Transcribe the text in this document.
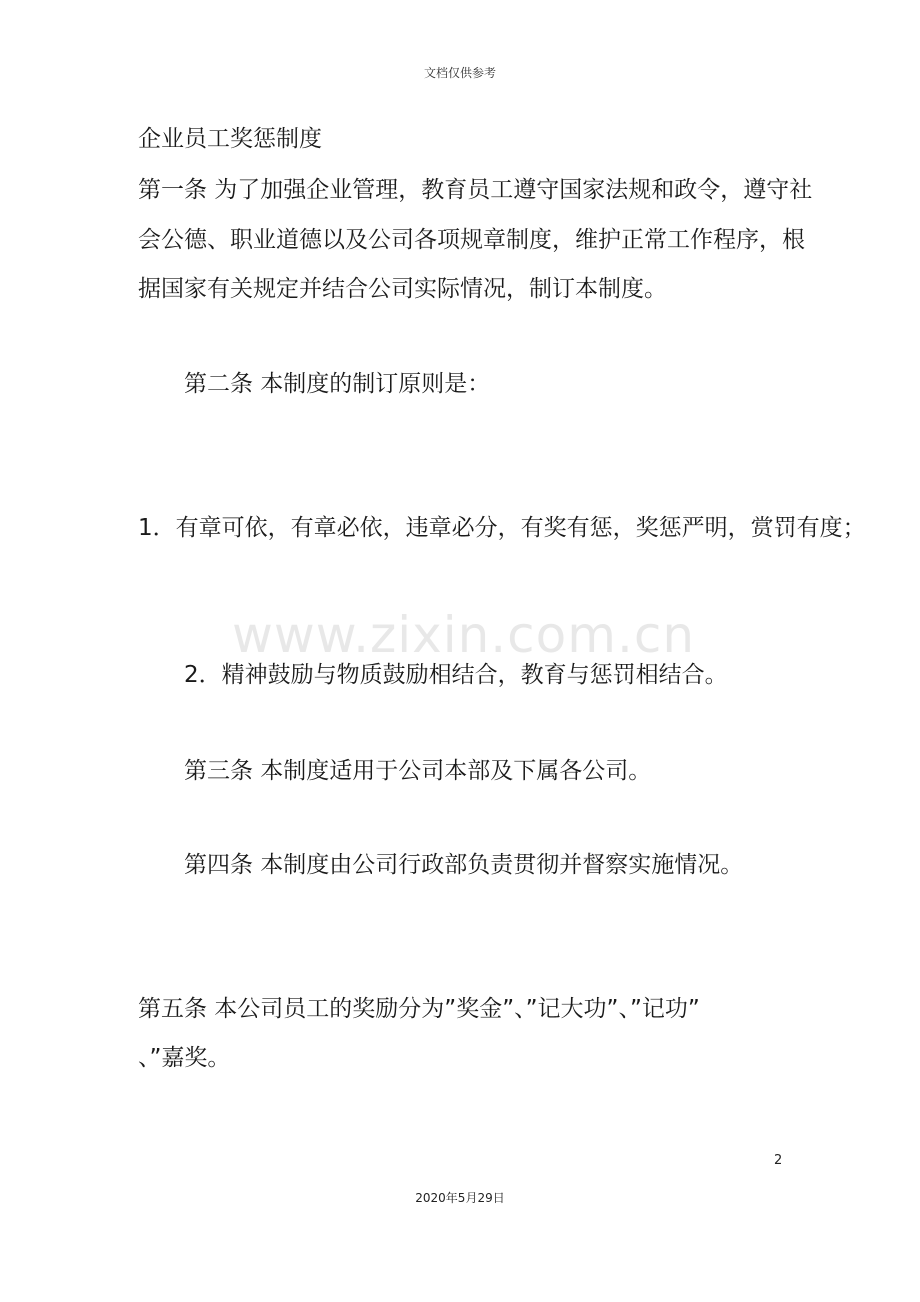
文档仅供参考
企业员工奖惩制度
第一条 为了加强企业管理，教育员工遵守国家法规和政令，遵守社
会公德、职业道德以及公司各项规章制度，维护正常工作程序，根
据国家有关规定并结合公司实际情况，制订本制度。
第二条 本制度的制订原则是：
1．有章可依，有章必依，违章必分，有奖有惩，奖惩严明，赏罚有度；
www.zixin.com.cn
2．精神鼓励与物质鼓励相结合，教育与惩罚相结合。
第三条 本制度适用于公司本部及下属各公司。
第四条 本制度由公司行政部负责贯彻并督察实施情况。
第五条 本公司员工的奖励分为”奖金”、”记大功”、”记功”
、”嘉奖。
2
2020年5月29日
